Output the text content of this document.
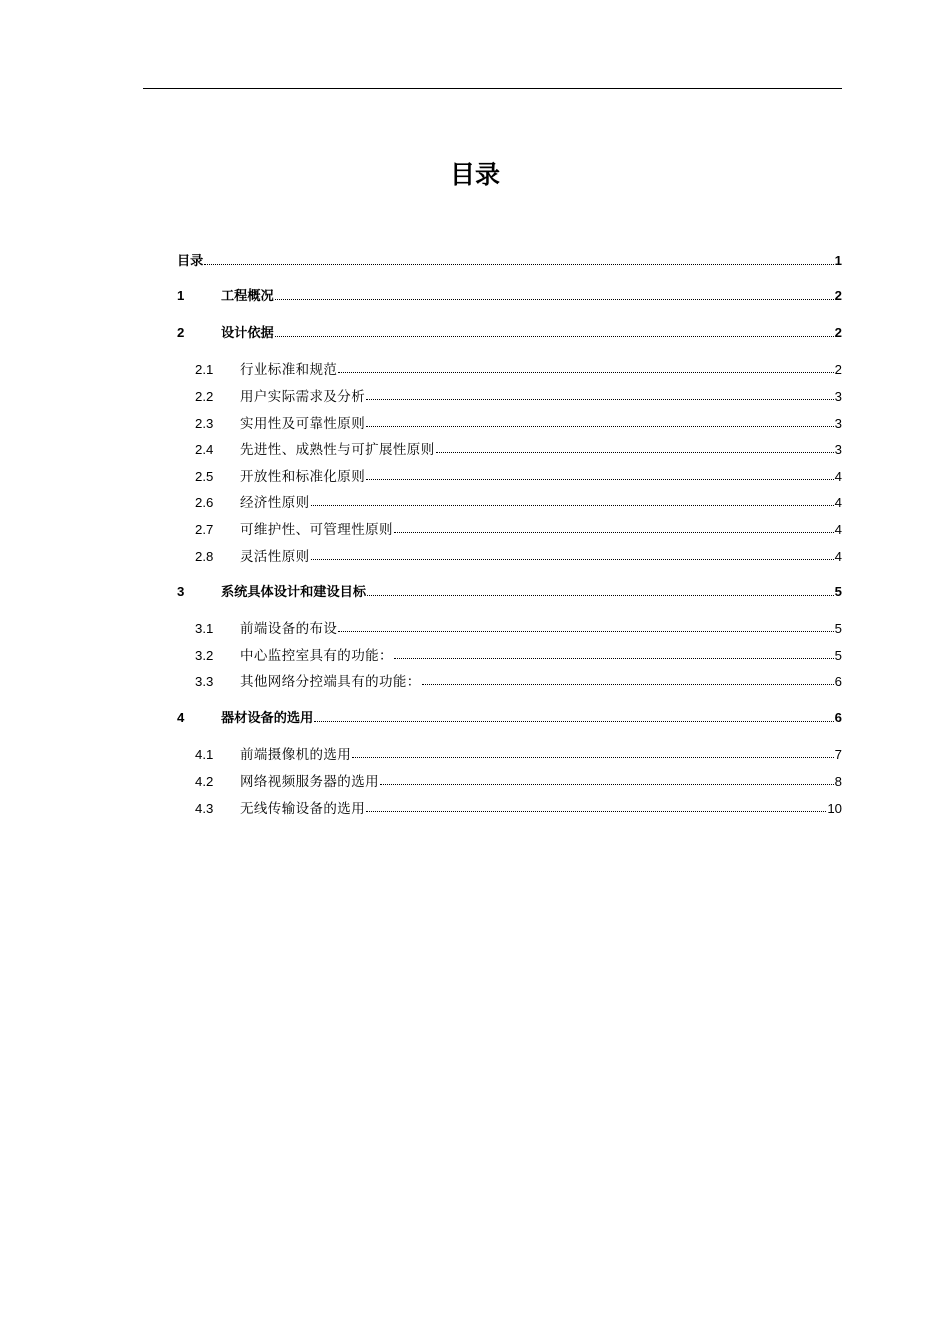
目录
目录	1
1	工程概况	2
2	设计依据	2
2.1	行业标准和规范	2
2.2	用户实际需求及分析	3
2.3	实用性及可靠性原则	3
2.4	先进性、成熟性与可扩展性原则	3
2.5	开放性和标准化原则	4
2.6	经济性原则	4
2.7	可维护性、可管理性原则	4
2.8	灵活性原则	4
3	系统具体设计和建设目标	5
3.1	前端设备的布设	5
3.2	中心监控室具有的功能：	5
3.3	其他网络分控端具有的功能：	6
4	器材设备的选用	6
4.1	前端摄像机的选用	7
4.2	网络视频服务器的选用	8
4.3	无线传输设备的选用	10
